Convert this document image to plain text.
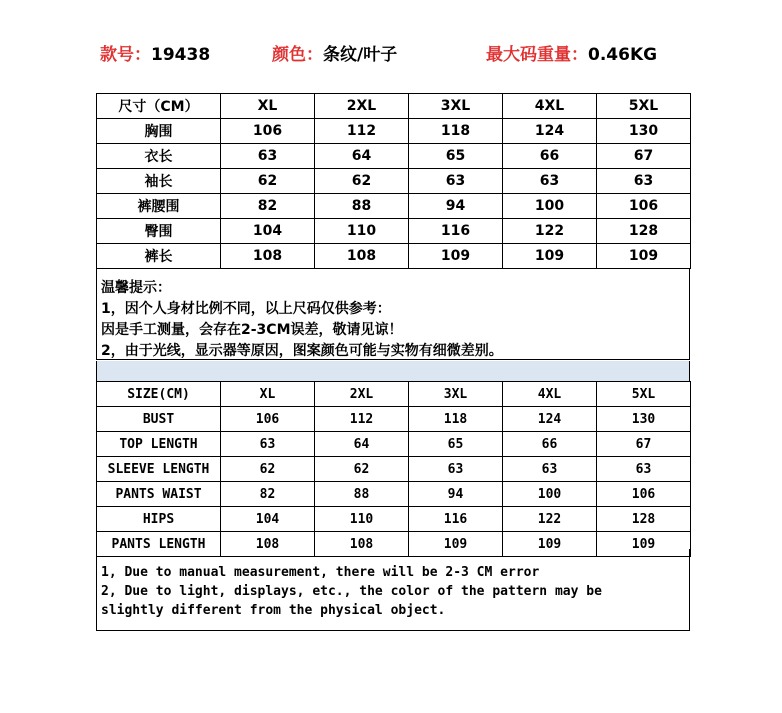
款号：19438	颜色：条纹/叶子	最大码重量：0.46KG
尺寸（CM）	XL	2XL	3XL	4XL	5XL
胸围	106	112	118	124	130
衣长	63	64	65	66	67
袖长	62	62	63	63	63
裤腰围	82	88	94	100	106
臀围	104	110	116	122	128
裤长	108	108	109	109	109
温馨提示：
1，因个人身材比例不同，以上尺码仅供参考：
因是手工测量，会存在2-3CM误差，敬请见谅！
2，由于光线，显示器等原因，图案颜色可能与实物有细微差别。
SIZE(CM)	XL	2XL	3XL	4XL	5XL
BUST	106	112	118	124	130
TOP LENGTH	63	64	65	66	67
SLEEVE LENGTH	62	62	63	63	63
PANTS WAIST	82	88	94	100	106
HIPS	104	110	116	122	128
PANTS LENGTH	108	108	109	109	109
1, Due to manual measurement, there will be 2-3 CM error
2, Due to light, displays, etc., the color of the pattern may be
slightly different from the physical object.
